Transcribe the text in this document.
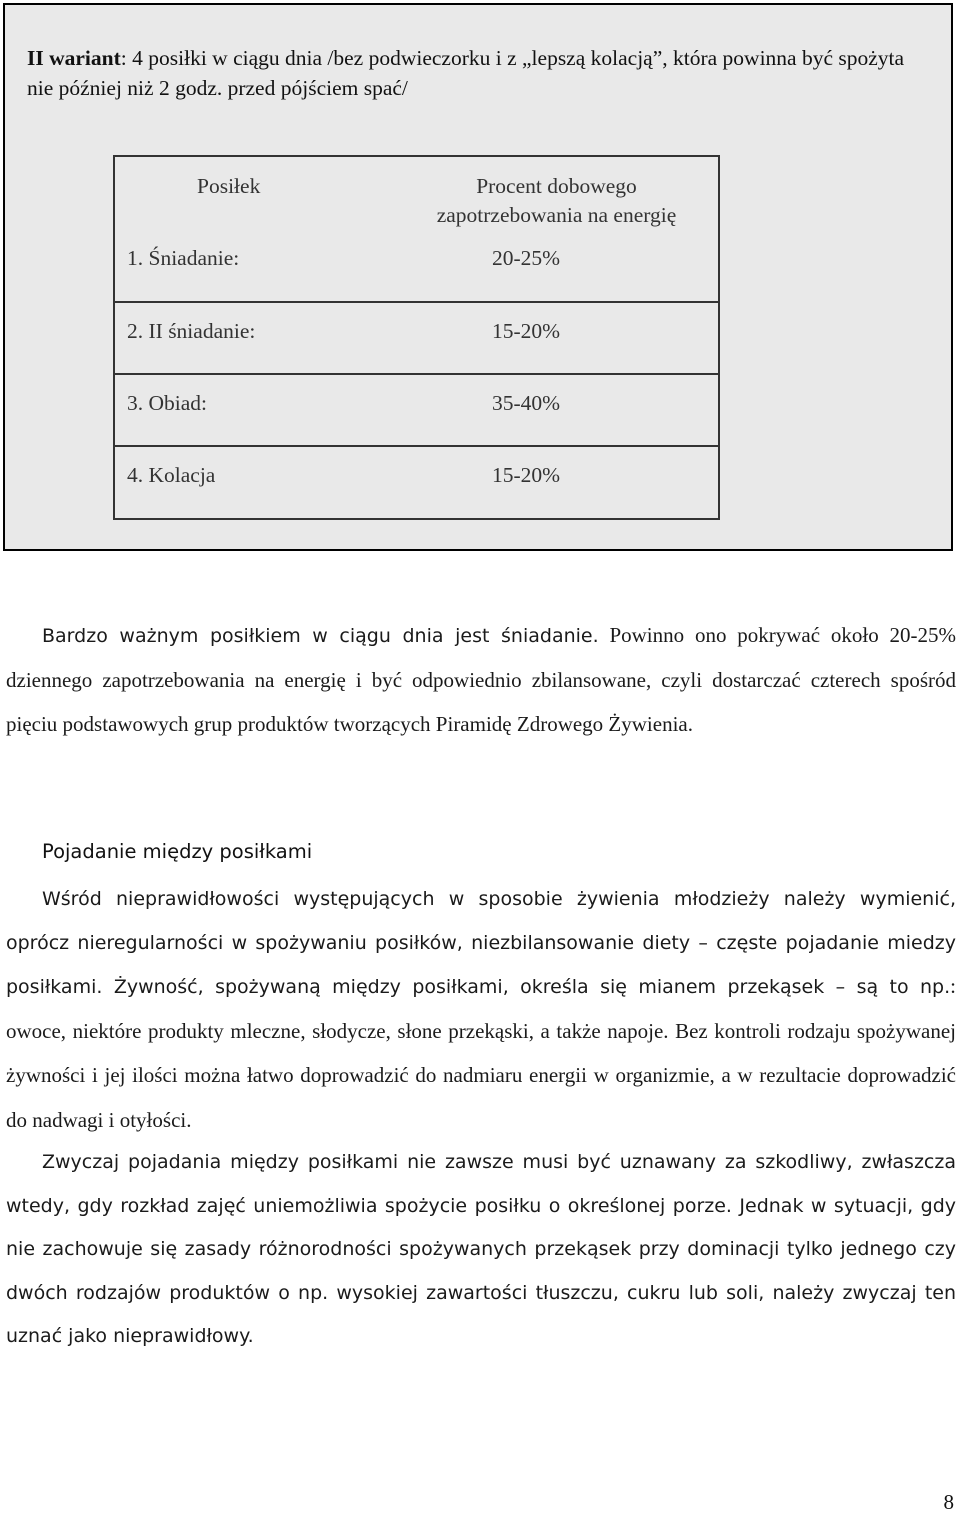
II wariant: 4 posiłki w ciągu dnia /bez podwieczorku i z „lepszą kolacją”, która powinna być spożyta nie później niż 2 godz. przed pójściem spać/

Posiłek	Procent dobowego zapotrzebowania na energię
1. Śniadanie:	20-25%
2. II śniadanie:	15-20%
3. Obiad:	35-40%
4. Kolacja	15-20%

Bardzo ważnym posiłkiem w ciągu dnia jest śniadanie. Powinno ono pokrywać około 20-25% dziennego zapotrzebowania na energię i być odpowiednio zbilansowane, czyli dostarczać czterech spośród pięciu podstawowych grup produktów tworzących Piramidę Zdrowego Żywienia.

Pojadanie między posiłkami

Wśród nieprawidłowości występujących w sposobie żywienia młodzieży należy wymienić, oprócz nieregularności w spożywaniu posiłków, niezbilansowanie diety – częste pojadanie miedzy posiłkami. Żywność, spożywaną między posiłkami, określa się mianem przekąsek – są to np.: owoce, niektóre produkty mleczne, słodycze, słone przekąski, a także napoje. Bez kontroli rodzaju spożywanej żywności i jej ilości można łatwo doprowadzić do nadmiaru energii w organizmie, a w rezultacie doprowadzić do nadwagi i otyłości.

Zwyczaj pojadania między posiłkami nie zawsze musi być uznawany za szkodliwy, zwłaszcza wtedy, gdy rozkład zajęć uniemożliwia spożycie posiłku o określonej porze. Jednak w sytuacji, gdy nie zachowuje się zasady różnorodności spożywanych przekąsek przy dominacji tylko jednego czy dwóch rodzajów produktów o np. wysokiej zawartości tłuszczu, cukru lub soli, należy zwyczaj ten uznać jako nieprawidłowy.

8
